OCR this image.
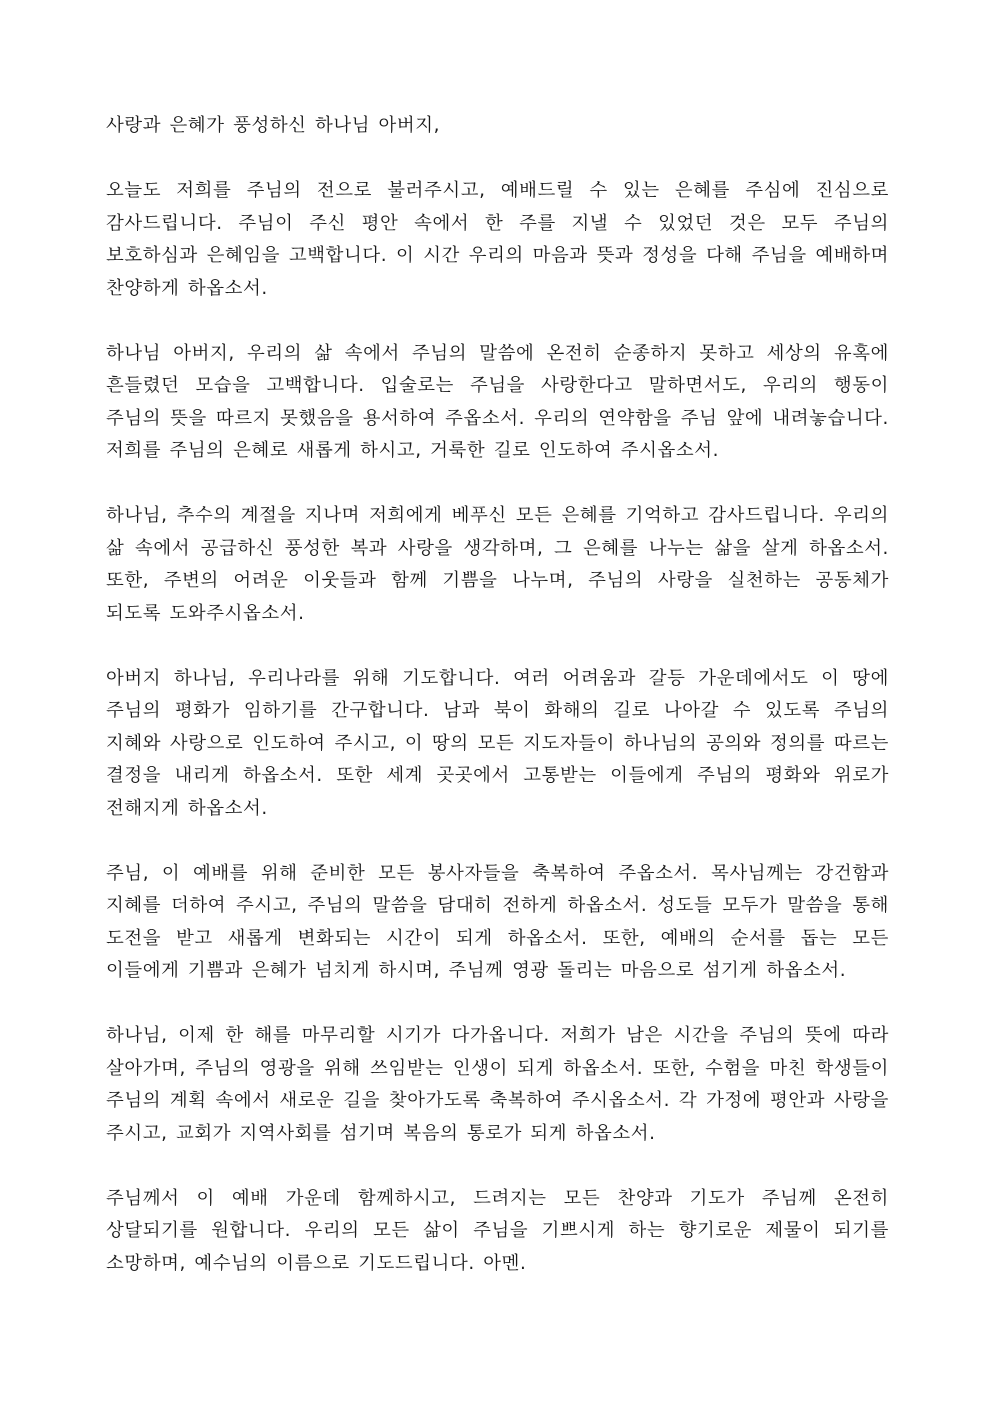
사랑과 은혜가 풍성하신 하나님 아버지,

오늘도 저희를 주님의 전으로 불러주시고, 예배드릴 수 있는 은혜를 주심에 진심으로 감사드립니다. 주님이 주신 평안 속에서 한 주를 지낼 수 있었던 것은 모두 주님의 보호하심과 은혜임을 고백합니다. 이 시간 우리의 마음과 뜻과 정성을 다해 주님을 예배하며 찬양하게 하옵소서.

하나님 아버지, 우리의 삶 속에서 주님의 말씀에 온전히 순종하지 못하고 세상의 유혹에 흔들렸던 모습을 고백합니다. 입술로는 주님을 사랑한다고 말하면서도, 우리의 행동이 주님의 뜻을 따르지 못했음을 용서하여 주옵소서. 우리의 연약함을 주님 앞에 내려놓습니다. 저희를 주님의 은혜로 새롭게 하시고, 거룩한 길로 인도하여 주시옵소서.

하나님, 추수의 계절을 지나며 저희에게 베푸신 모든 은혜를 기억하고 감사드립니다. 우리의 삶 속에서 공급하신 풍성한 복과 사랑을 생각하며, 그 은혜를 나누는 삶을 살게 하옵소서. 또한, 주변의 어려운 이웃들과 함께 기쁨을 나누며, 주님의 사랑을 실천하는 공동체가 되도록 도와주시옵소서.

아버지 하나님, 우리나라를 위해 기도합니다. 여러 어려움과 갈등 가운데에서도 이 땅에 주님의 평화가 임하기를 간구합니다. 남과 북이 화해의 길로 나아갈 수 있도록 주님의 지혜와 사랑으로 인도하여 주시고, 이 땅의 모든 지도자들이 하나님의 공의와 정의를 따르는 결정을 내리게 하옵소서. 또한 세계 곳곳에서 고통받는 이들에게 주님의 평화와 위로가 전해지게 하옵소서.

주님, 이 예배를 위해 준비한 모든 봉사자들을 축복하여 주옵소서. 목사님께는 강건함과 지혜를 더하여 주시고, 주님의 말씀을 담대히 전하게 하옵소서. 성도들 모두가 말씀을 통해 도전을 받고 새롭게 변화되는 시간이 되게 하옵소서. 또한, 예배의 순서를 돕는 모든 이들에게 기쁨과 은혜가 넘치게 하시며, 주님께 영광 돌리는 마음으로 섬기게 하옵소서.

하나님, 이제 한 해를 마무리할 시기가 다가옵니다. 저희가 남은 시간을 주님의 뜻에 따라 살아가며, 주님의 영광을 위해 쓰임받는 인생이 되게 하옵소서. 또한, 수험을 마친 학생들이 주님의 계획 속에서 새로운 길을 찾아가도록 축복하여 주시옵소서. 각 가정에 평안과 사랑을 주시고, 교회가 지역사회를 섬기며 복음의 통로가 되게 하옵소서.

주님께서 이 예배 가운데 함께하시고, 드려지는 모든 찬양과 기도가 주님께 온전히 상달되기를 원합니다. 우리의 모든 삶이 주님을 기쁘시게 하는 향기로운 제물이 되기를 소망하며, 예수님의 이름으로 기도드립니다. 아멘.
